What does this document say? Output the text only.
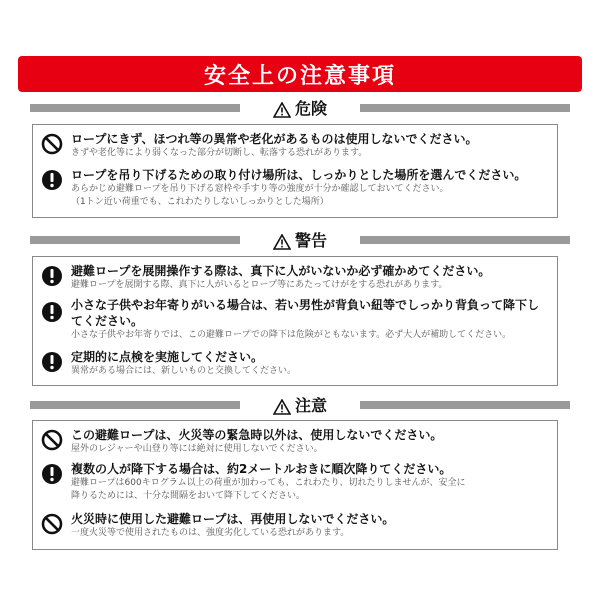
安全上の注意事項
危険
ロープにきず、ほつれ等の異常や老化があるものは使用しないでください。
きずや老化等により弱くなった部分が切断し、転落する恐れがあります。
ロープを吊り下げるための取り付け場所は、しっかりとした場所を選んでください。
あらかじめ避難ロープを吊り下げる窓枠や手すり等の強度が十分か確認しておいてください。
（1トン近い荷重でも、これわたりしないしっかりとした場所）
警告
避難ロープを展開操作する際は、真下に人がいないか必ず確かめてください。
避難ロープを展開する際、真下に人がいるとロープ等にあたってけがをする恐れがあります。
小さな子供やお年寄りがいる場合は、若い男性が背負い紐等でしっかり背負って降下してください。
小さな子供やお年寄りでは、この避難ロープでの降下は危険がともないます。必ず大人が補助してください。
定期的に点検を実施してください。
異常がある場合には、新しいものと交換してください。
注意
この避難ロープは、火災等の緊急時以外は、使用しないでください。
屋外のレジャーや山登り等には絶対に使用しないでください。
複数の人が降下する場合は、約2メートルおきに順次降りてください。
避難ロープは600キログラム以上の荷重が加わっても、これわたり、切れたりしませんが、安全に
降りるためには、十分な間隔をおいて降下してください。
火災時に使用した避難ロープは、再使用しないでください。
一度火災等で使用されたものは、強度劣化している恐れがあります。
